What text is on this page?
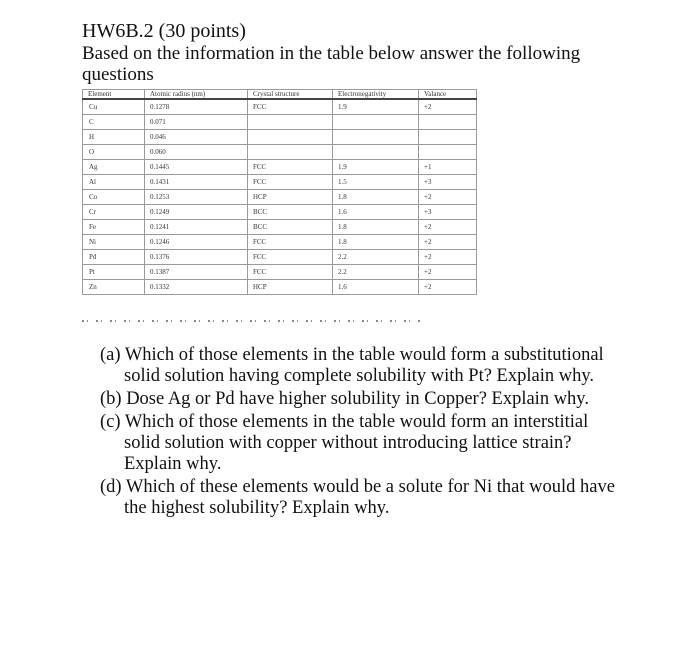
HW6B.2 (30 points)
Based on the information in the table below answer the following questions
Element	Atomic radius (nm)	Crystal structure	Electronegativity	Valance
Cu	0.1278	FCC	1.9	+2
C	0.071			
H	0.046			
O	0.060			
Ag	0.1445	FCC	1.9	+1
Al	0.1431	FCC	1.5	+3
Co	0.1253	HCP	1.8	+2
Cr	0.1249	BCC	1.6	+3
Fe	0.1241	BCC	1.8	+2
Ni	0.1246	FCC	1.8	+2
Pd	0.1376	FCC	2.2	+2
Pt	0.1387	FCC	2.2	+2
Zn	0.1332	HCP	1.6	+2
(a) Which of those elements in the table would form a substitutional solid solution having complete solubility with Pt? Explain why.
(b) Dose Ag or Pd have higher solubility in Copper? Explain why.
(c) Which of those elements in the table would form an interstitial solid solution with copper without introducing lattice strain? Explain why.
(d) Which of these elements would be a solute for Ni that would have the highest solubility? Explain why.
